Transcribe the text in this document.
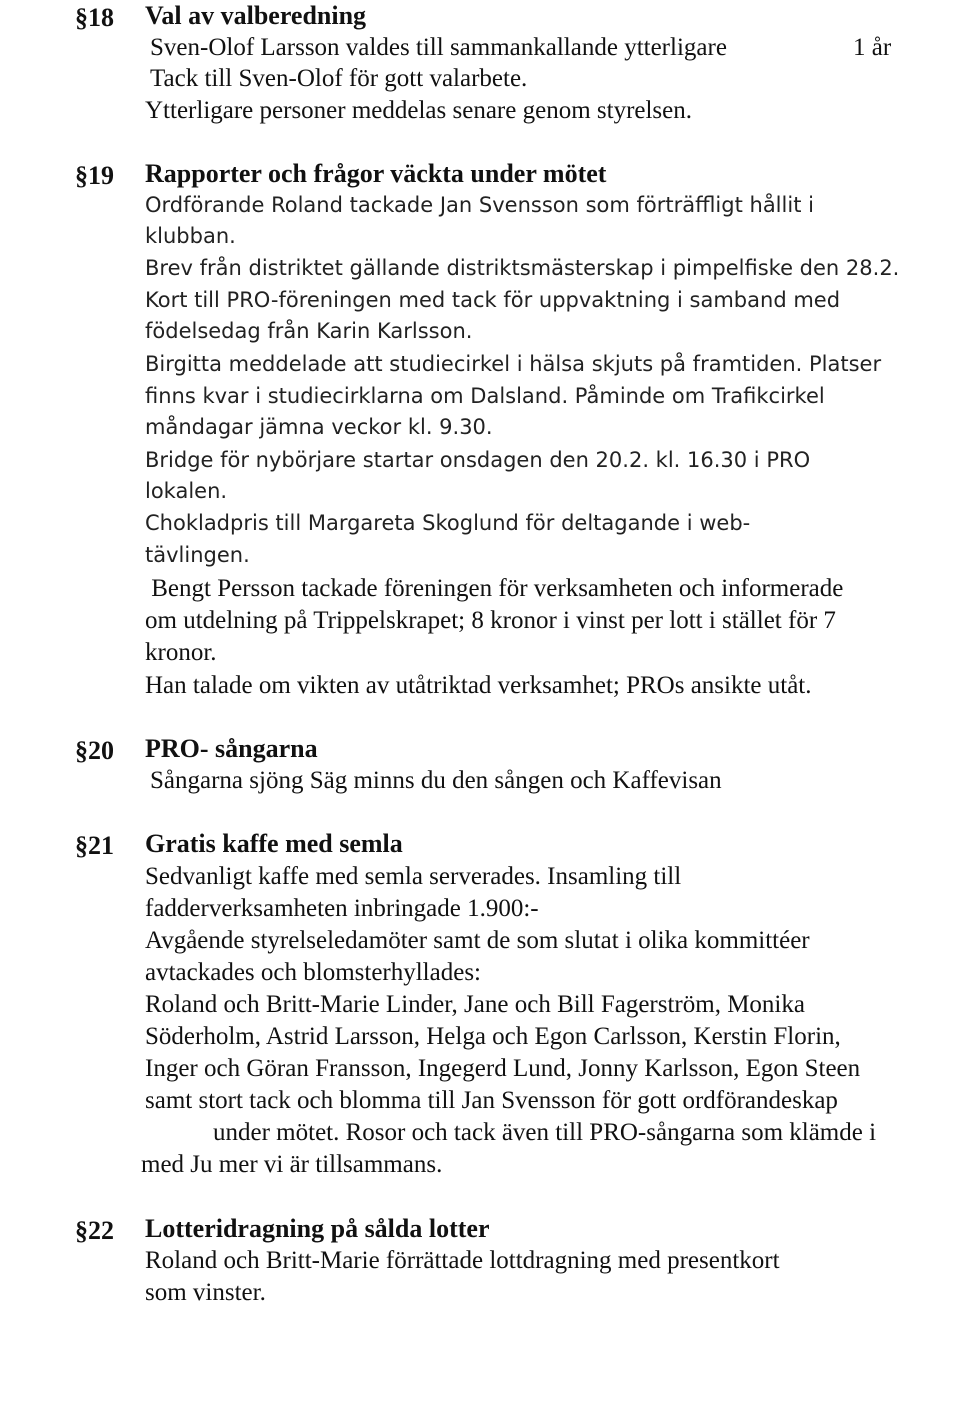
§18 Val av valberedning
Sven-Olof Larsson valdes till sammankallande ytterligare	1 år
Tack till Sven-Olof för gott valarbete.
Ytterligare personer meddelas senare genom styrelsen.
§19 Rapporter och frågor väckta under mötet
Ordförande Roland tackade Jan Svensson som förträffligt hållit i
klubban.
Brev från distriktet gällande distriktsmästerskap i pimpelfiske den 28.2.
Kort till PRO-föreningen med tack för uppvaktning i samband med
födelsedag från Karin Karlsson.
Birgitta meddelade att studiecirkel i hälsa skjuts på framtiden. Platser
finns kvar i studiecirklarna om Dalsland. Påminde om Trafikcirkel
måndagar jämna veckor kl. 9.30.
Bridge för nybörjare startar onsdagen den 20.2. kl. 16.30 i PRO
lokalen.
Chokladpris till Margareta Skoglund för deltagande i web-
tävlingen.
Bengt Persson tackade föreningen för verksamheten och informerade
om utdelning på Trippelskrapet; 8 kronor i vinst per lott i stället för 7
kronor.
Han talade om vikten av utåtriktad verksamhet; PROs ansikte utåt.
§20 PRO- sångarna
Sångarna sjöng Säg minns du den sången och Kaffevisan
§21 Gratis kaffe med semla
Sedvanligt kaffe med semla serverades. Insamling till
fadderverksamheten inbringade 1.900:-
Avgående styrelseledamöter samt de som slutat i olika kommittéer
avtackades och blomsterhyllades:
Roland och Britt-Marie Linder, Jane och Bill Fagerström, Monika
Söderholm, Astrid Larsson, Helga och Egon Carlsson, Kerstin Florin,
Inger och Göran Fransson, Ingegerd Lund, Jonny Karlsson, Egon Steen
samt stort tack och blomma till Jan Svensson för gott ordförandeskap
under mötet. Rosor och tack även till PRO-sångarna som klämde i
med Ju mer vi är tillsammans.
§22 Lotteridragning på sålda lotter
Roland och Britt-Marie förrättade lottdragning med presentkort
som vinster.
